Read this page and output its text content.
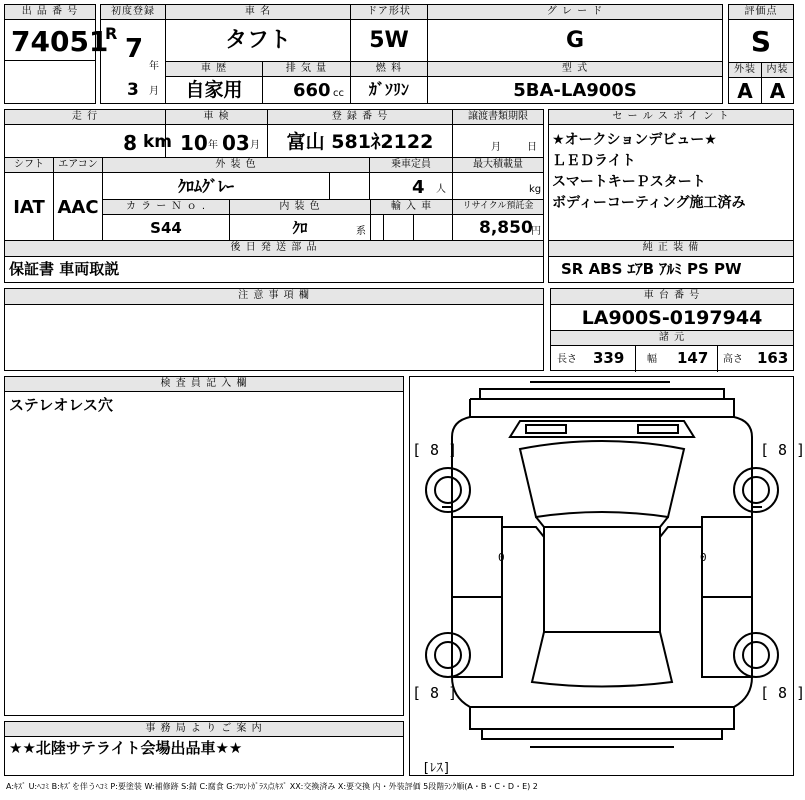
出 品 番 号
74051
初度登録
R
7
年
3 月
車 名
タフト
ドア形状
5W
グ レ ー ド
G
評価点
S
車 歴
自家用
排 気 量
660 cc
燃 料
ｶﾞｿﾘﾝ
型 式
5BA-LA900S
外装
A
内装
A
走 行
8 km
車 検
10 年 03 月
登 録 番 号
富山 581ﾈ2122
譲渡書類期限
月	日
シフト
IAT
エアコン
AAC
外 装 色
ｸﾛﾑｸﾞﾚｰ
乗車定員
4 人
最大積載量
kg
カ ラ ー Ｎ ｏ .
S44
内 装 色
ｸﾛ	系
輸 入 車	リサイクル預託金
8,850
円
セ ー ル ス ポ イ ン ト
★オークションデビュー★
ＬＥＤライト
スマートキーＰスタート
ボディーコーティング施工済み
後 日 発 送 部 品
保証書 車両取説
純 正 装 備
SR ABS ｴｱB ｱﾙﾐ PS PW
注 意 事 項 欄	車 台 番 号
LA900S-0197944
諸 元
長さ 339 幅 147 高さ 163
検 査 員 記 入 欄
ステレオレス穴
[ 8 ]	[ 8 ]
[ 8 ]	[ 8 ]
[ﾚｽ]
0	0
事 務 局 よ り ご 案 内
★★北陸サテライト会場出品車★★
A:ｷｽﾞ U:ﾍｺﾐ B:ｷｽﾞを伴うﾍｺﾐ P:要塗装 W:補修跡 S:錆 C:腐食 G:ﾌﾛﾝﾄｶﾞﾗｽ点ｷｽﾞ XX:交換済み X:要交換 内・外装評価 5段階ﾗﾝｸ順(A・B・C・D・E) 2
